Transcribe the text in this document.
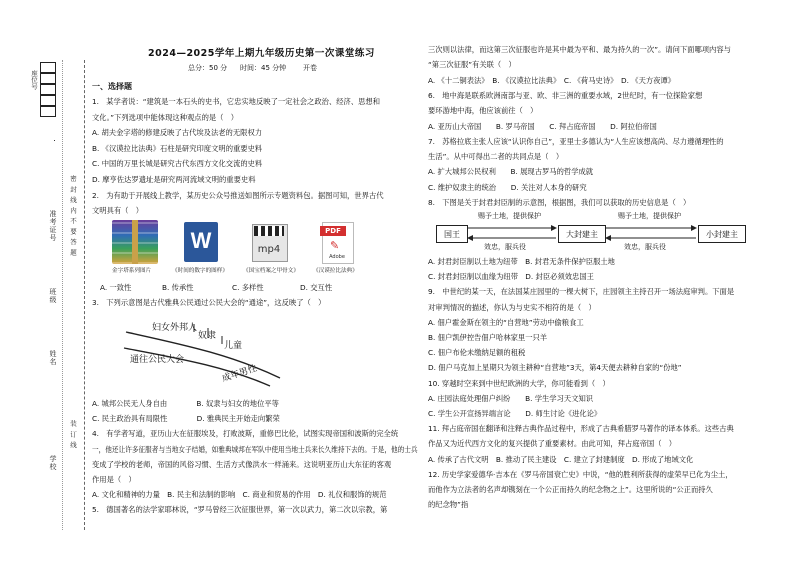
座位号
准考证号
班级
姓名
学校
密 封 线 内 不 要 答 题
装 订 线
2024—2025学年上期九年级历史第一次课堂练习
总分：50 分 时间：45 分钟 开卷
一、选择题
1.　某学者说：“建筑是一本石头的史书，它忠实地反映了一定社会之政治、经济、思想和
文化。”下列选项中能体现这种观点的是（　）
A. 胡夫金字塔的修建反映了古代埃及法老的无限权力
B. 《汉谟拉比法典》石柱是研究印度文明的重要史料
C. 中国的万里长城是研究古代东西方文化交流的史料
D. 摩亨佐达罗遗址是研究两河流域文明的重要史料
2.　为有助于开展线上教学，某历史公众号推送如图所示专题资料包。据图可知，世界古代
文明具有（　）
W	mp4
PDF
✎
Adobe
金字塔系列图片	《时间的数字的图样》	《国宝档案之甲骨文》	《汉谟拉比法典》
A. 一致性	B. 传承性	C. 多样性	D. 交互性
3.　下列示意图是古代雅典公民通过公民大会的“通途”，这反映了（　）
妇女外邦人
奴隶
儿童
通往公民大会
成年男性
A. 城邦公民无人身自由　　　　B. 奴隶与妇女的地位平等
C. 民主政治具有局限性　　　　D. 雅典民主开始走向繁荣
4.　有学者写道，亚历山大在征服埃及，打败波斯，重修巴比伦，试图实现帝国和波斯的完全统
一，他还让许多征服者与当地女子结婚，如雅典城邦在军队中使用当地士兵来长久维持下去的。于是，他的士兵
变成了学校的老师，帝国的风俗习惯、生活方式像洪水一样涌来。这说明亚历山大东征的客观
作用是（　）
A. 文化和精神的力量　B. 民主和法制的影响　C. 商业和贸易的作用　D. 礼仪和服饰的规范
5.　德国著名的法学家耶林说，“罗马曾经三次征服世界，第一次以武力，第二次以宗教，第
三次则以法律，而这第三次征服也许是其中最为平和、最为持久的一次”。请问下面哪项内容与
“第三次征服”有关联（　）
A. 《十二铜表法》　B. 《汉谟拉比法典》　C. 《荷马史诗》　D. 《天方夜谭》
6.　地中海是联系欧洲南部与亚、欧、非三洲的重要水域，2世纪时，有一位探险家想
要环游地中海，他应该前往（　）
A. 亚历山大帝国　　B. 罗马帝国　　C. 拜占庭帝国　　D. 阿拉伯帝国
7.　苏格拉底主张人应该“认识你自己”，亚里士多德认为“人生应该想高尚、尽力遵循理性的
生活”。从中可得出二者的共同点是（　）
A. 扩大城邦公民权利　　B. 展现古罗马的哲学成就
C. 维护奴隶主的统治　　D. 关注对人本身的研究
8.　下图是关于封君封臣制的示意图，根据图，我们可以获取的历史信息是（　）
国王	大封建主	小封建主
赐予土地，提供保护
效忠，服兵役
赐予土地，提供保护
效忠，服兵役
A. 封君封臣制以土地为纽带　B. 封君无条件保护臣服土地
C. 封君封臣制以血缘为纽带　D. 封臣必须效忠国王
9.　中世纪的某一天，在法国某庄园里的一棵大树下，庄园领主主持召开一场法庭审判。下面是
对审判情况的描述，你认为与史实不相符的是（　）
A. 佃户霍金斯在领主的“自营地”劳动中偷粮食工
B. 佃户凯伊控告佃户哈林家里一只羊
C. 佃户布伦未缴纳足额的租税
D. 佃户马克加上星期只为领主耕种“自营地”3天，第4天便去耕种自家的“份地”
10. 穿越时空来到中世纪欧洲的大学，你可能看到（　）
A. 庄园法庭处理佃户纠纷　　B. 学生学习天文知识
C. 学生公开宣扬异端言论　　D. 师生讨论《进化论》
11. 拜占庭帝国在翻译和注释古典作品过程中，形成了古典希腊罗马著作的译本体系。这些古典
作品又为近代西方文化的复兴提供了重要素材。由此可知，拜占庭帝国（　）
A. 传承了古代文明　B. 推动了民主建设　C. 建立了封建制度　D. 形成了地域文化
12. 历史学家爱德华·吉本在《罗马帝国衰亡史》中说，“他的胜利所获得的虚荣早已化为尘土，
而他作为立法者的名声却镌刻在一个公正而持久的纪念物之上”。这里所说的“公正而持久
的纪念物”指
